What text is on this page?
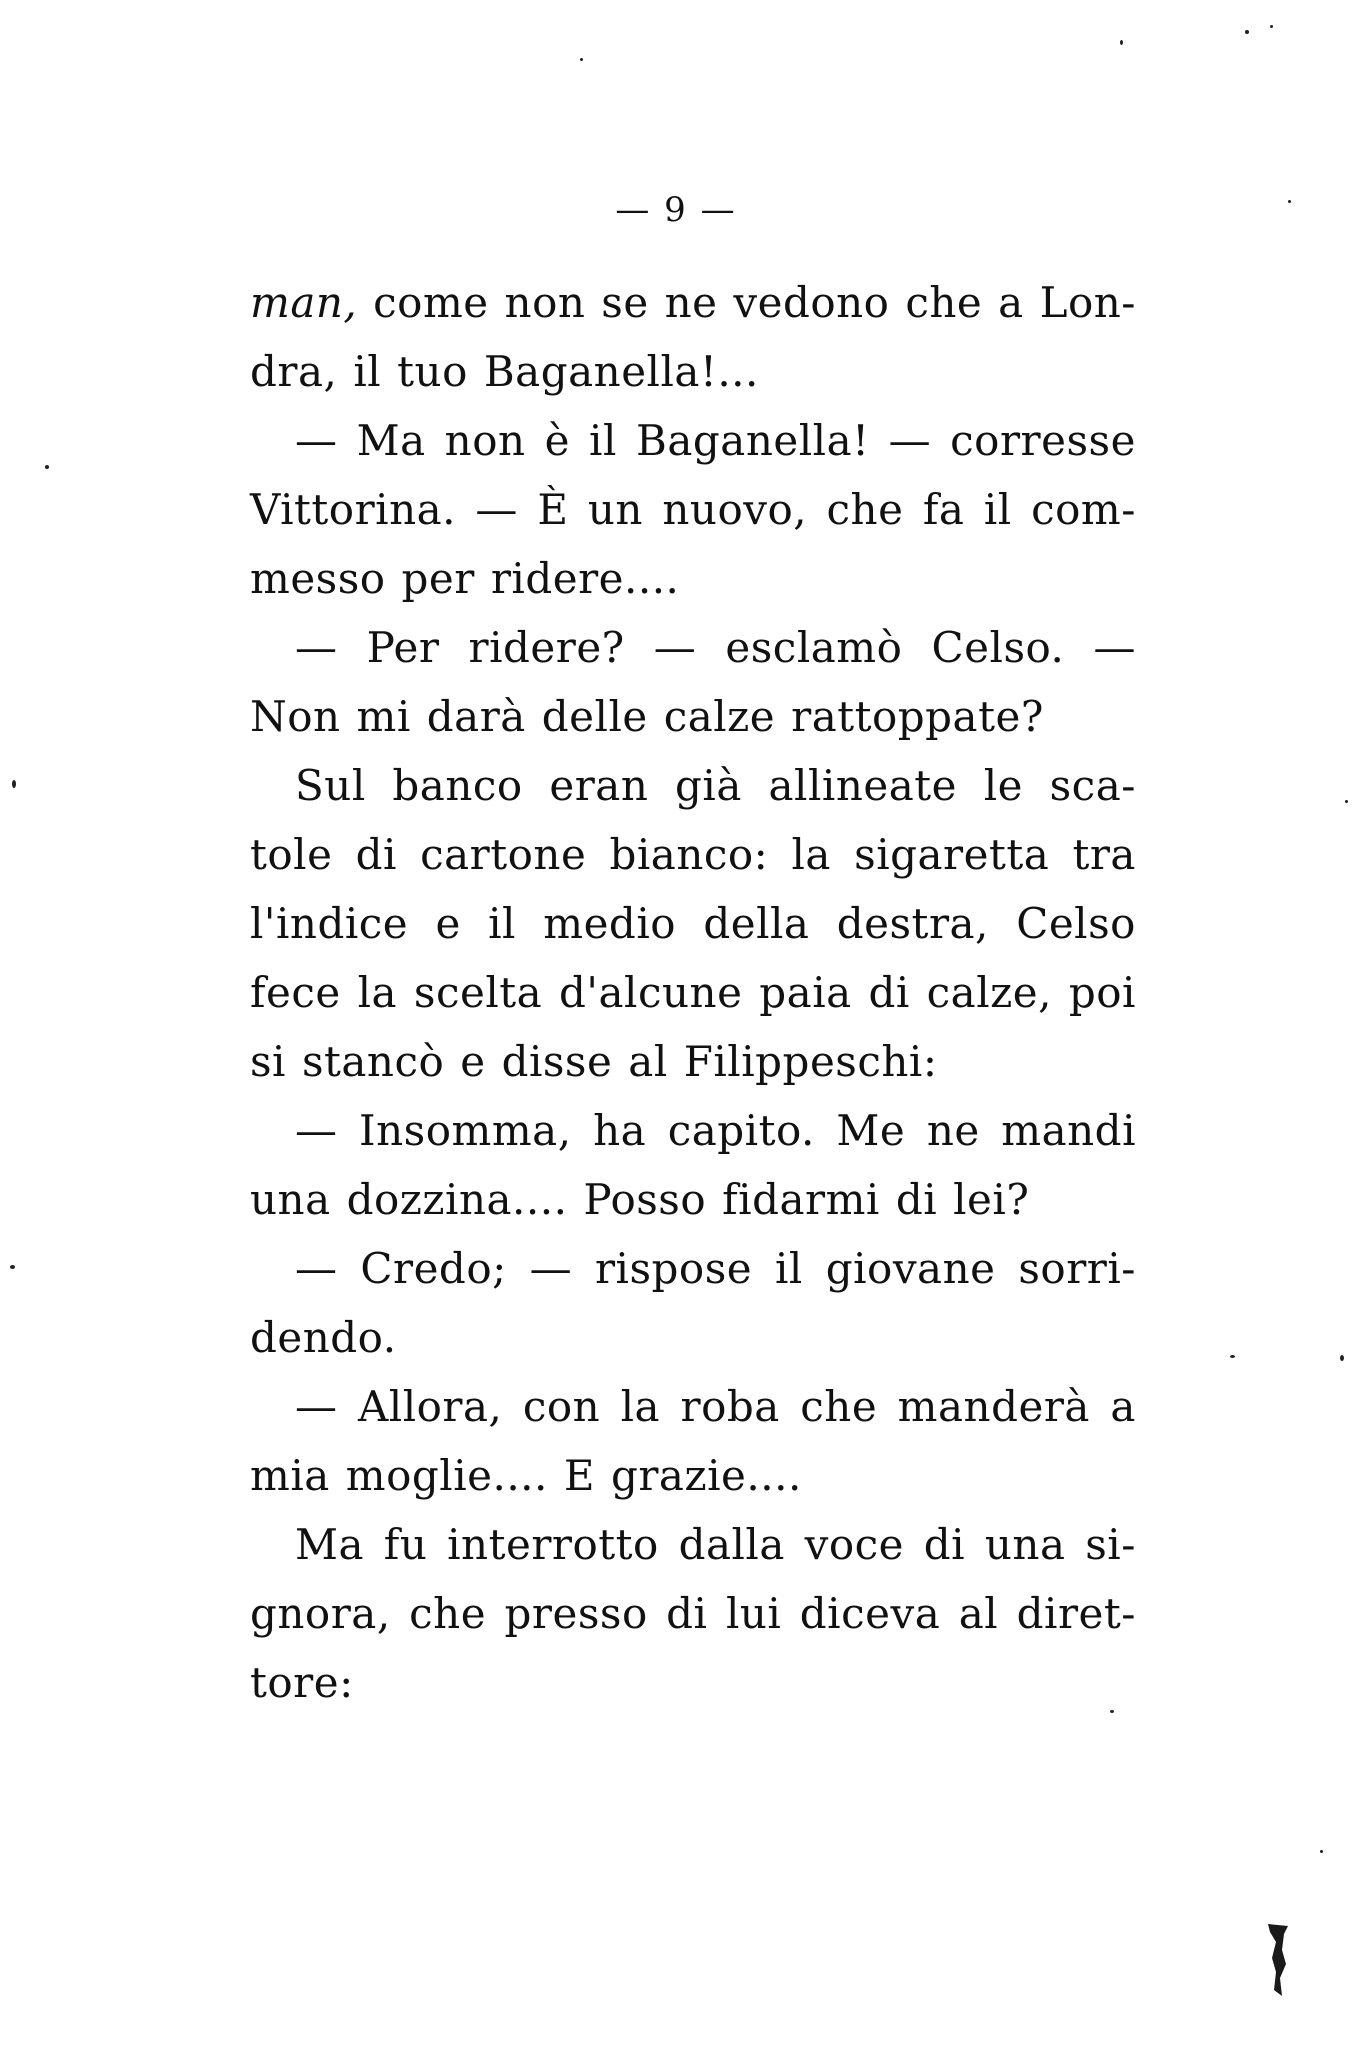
— 9 —
man, come non se ne vedono che a Lon-
dra, il tuo Baganella!...
— Ma non è il Baganella! — corresse
Vittorina. — È un nuovo, che fa il com-
messo per ridere....
— Per ridere? — esclamò Celso. —
Non mi darà delle calze rattoppate?
Sul banco eran già allineate le sca-
tole di cartone bianco: la sigaretta tra
l'indice e il medio della destra, Celso
fece la scelta d'alcune paia di calze, poi
si stancò e disse al Filippeschi:
— Insomma, ha capito. Me ne mandi
una dozzina.... Posso fidarmi di lei?
— Credo; — rispose il giovane sorri-
dendo.
— Allora, con la roba che manderà a
mia moglie.... E grazie....
Ma fu interrotto dalla voce di una si-
gnora, che presso di lui diceva al diret-
tore:
